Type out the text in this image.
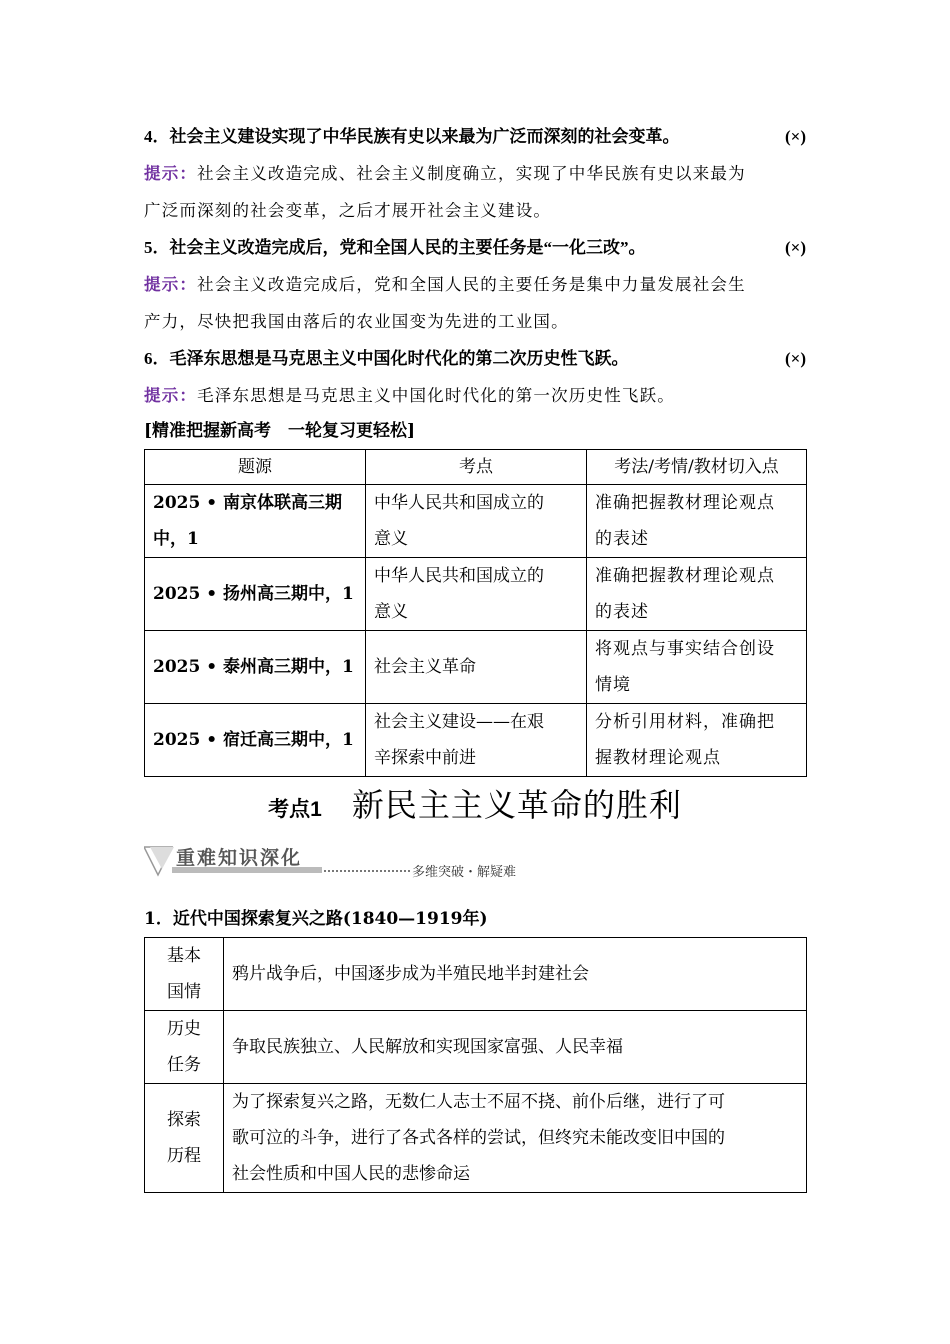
4．社会主义建设实现了中华民族有史以来最为广泛而深刻的社会变革。	(×)
提示：社会主义改造完成、社会主义制度确立，实现了中华民族有史以来最为
广泛而深刻的社会变革，之后才展开社会主义建设。
5．社会主义改造完成后，党和全国人民的主要任务是“一化三改”。	(×)
提示：社会主义改造完成后，党和全国人民的主要任务是集中力量发展社会生
产力，尽快把我国由落后的农业国变为先进的工业国。
6．毛泽东思想是马克思主义中国化时代化的第二次历史性飞跃。	(×)
提示：毛泽东思想是马克思主义中国化时代化的第一次历史性飞跃。
[精准把握新高考　一轮复习更轻松]
题源	考点	考法/考情/教材切入点
2025 • 南京体联高三期
中，1	中华人民共和国成立的
意义	准确把握教材理论观点
的表述
2025 • 扬州高三期中，1	中华人民共和国成立的
意义	准确把握教材理论观点
的表述
2025 • 泰州高三期中，1	社会主义革命	将观点与事实结合创设
情境
2025 • 宿迁高三期中，1	社会主义建设——在艰
辛探索中前进	分析引用材料，准确把
握教材理论观点
考点1 新民主主义革命的胜利
重难知识深化
多维突破・解疑难
1．近代中国探索复兴之路(1840—1919年)
基本
国情	鸦片战争后，中国逐步成为半殖民地半封建社会
历史
任务	争取民族独立、人民解放和实现国家富强、人民幸福
探索
历程	为了探索复兴之路，无数仁人志士不屈不挠、前仆后继，进行了可
歌可泣的斗争，进行了各式各样的尝试，但终究未能改变旧中国的
社会性质和中国人民的悲惨命运
